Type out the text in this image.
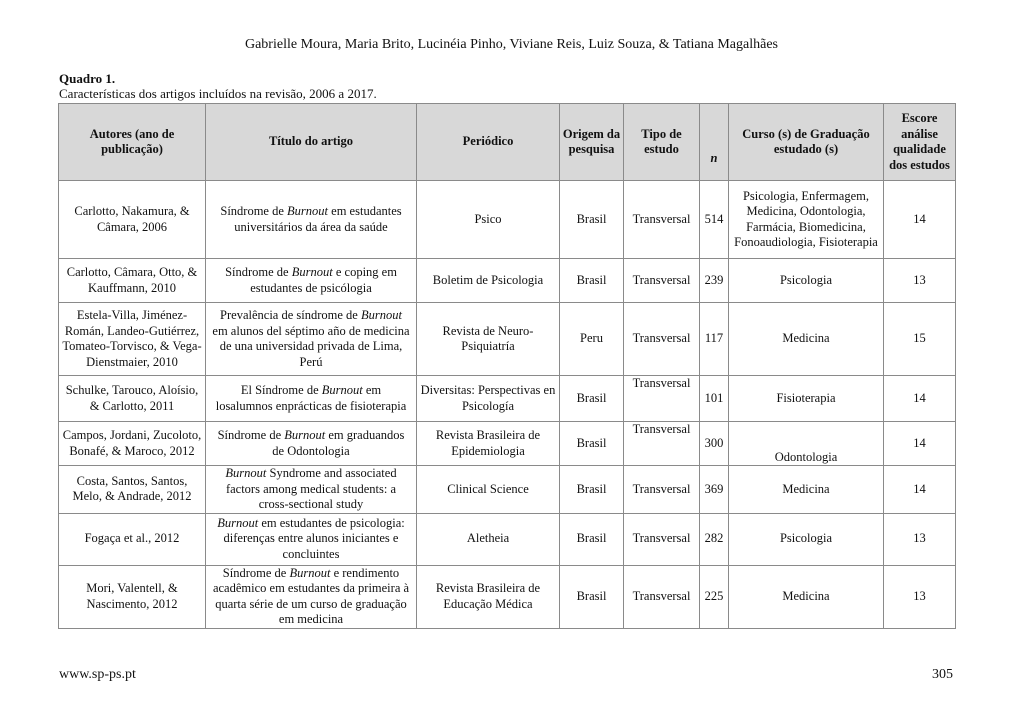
Gabrielle Moura, Maria Brito, Lucinéia Pinho, Viviane Reis, Luiz Souza, & Tatiana Magalhães
Quadro 1.
Características dos artigos incluídos na revisão, 2006 a 2017.
Autores (ano de publicação)	Título do artigo	Periódico	Origem da pesquisa	Tipo de estudo	n	Curso (s) de Graduação estudado (s)	Escore análise qualidade dos estudos
Carlotto, Nakamura, & Câmara, 2006	Síndrome de Burnout em estudantes universitários da área da saúde	Psico	Brasil	Transversal	514	Psicologia, Enfermagem, Medicina, Odontologia, Farmácia, Biomedicina, Fonoaudiologia, Fisioterapia	14
Carlotto, Câmara, Otto, & Kauffmann, 2010	Síndrome de Burnout e coping em estudantes de psicólogia	Boletim de Psicologia	Brasil	Transversal	239	Psicologia	13
Estela-Villa, Jiménez-Román, Landeo-Gutiérrez, Tomateo-Torvisco, & Vega-Dienstmaier, 2010	Prevalência de síndrome de Burnout em alunos del séptimo año de medicina de una universidad privada de Lima, Perú	Revista de Neuro-Psiquiatría	Peru	Transversal	117	Medicina	15
Schulke, Tarouco, Aloísio, & Carlotto, 2011	El Síndrome de Burnout em losalumnos enprácticas de fisioterapia	Diversitas: Perspectivas en Psicología	Brasil	Transversal	101	Fisioterapia	14
Campos, Jordani, Zucoloto, Bonafé, & Maroco, 2012	Síndrome de Burnout em graduandos de Odontologia	Revista Brasileira de Epidemiologia	Brasil	Transversal	300	Odontologia	14
Costa, Santos, Santos, Melo, & Andrade, 2012	Burnout Syndrome and associated factors among medical students: a cross-sectional study	Clinical Science	Brasil	Transversal	369	Medicina	14
Fogaça et al., 2012	Burnout em estudantes de psicologia: diferenças entre alunos iniciantes e concluintes	Aletheia	Brasil	Transversal	282	Psicologia	13
Mori, Valentell, & Nascimento, 2012	Síndrome de Burnout e rendimento acadêmico em estudantes da primeira à quarta série de um curso de graduação em medicina	Revista Brasileira de Educação Médica	Brasil	Transversal	225	Medicina	13
www.sp-ps.pt	305
